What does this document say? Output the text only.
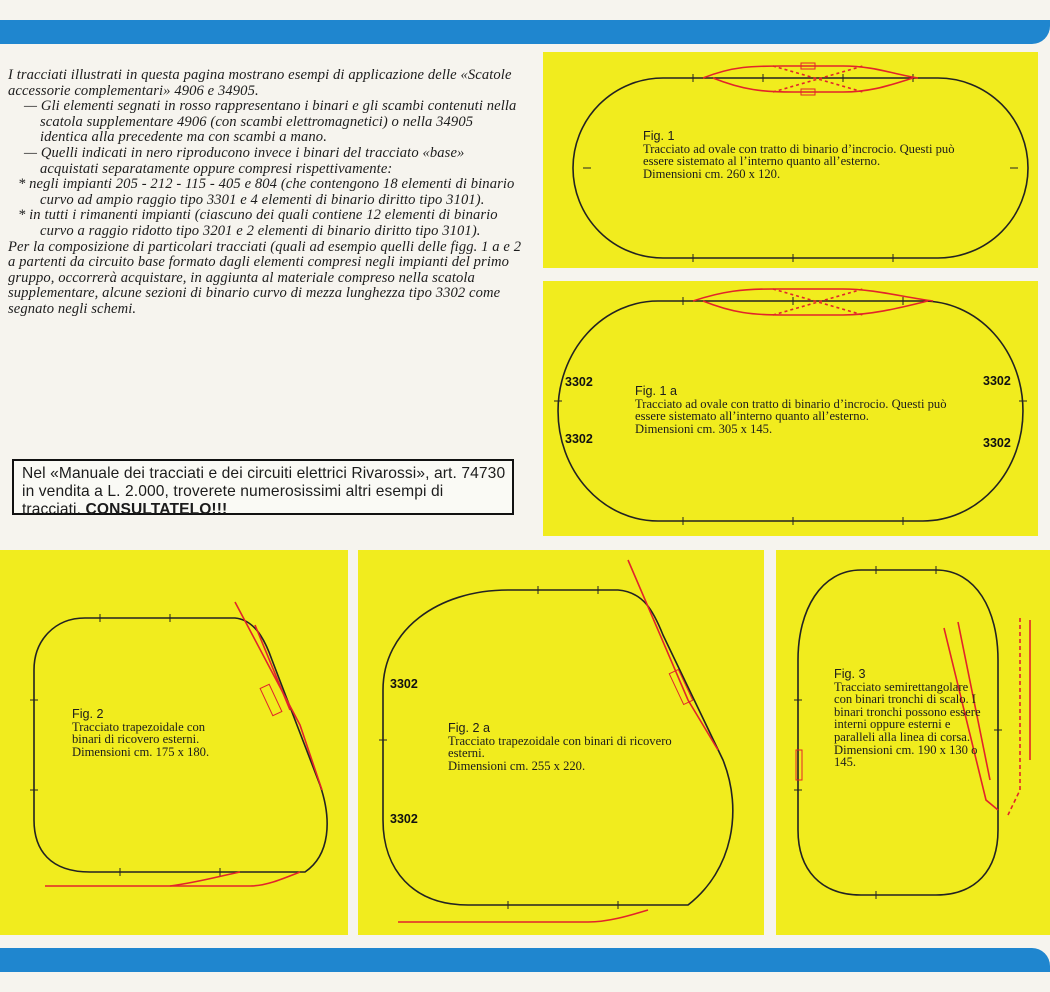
I tracciati illustrati in questa pagina mostrano esempi di applicazione delle «Scatole accessorie complementari» 4906 e 34905.

— Gli elementi segnati in rosso rappresentano i binari e gli scambi contenuti nella scatola supplementare 4906 (con scambi elettromagnetici) o nella 34905 identica alla precedente ma con scambi a mano.

— Quelli indicati in nero riproducono invece i binari del tracciato «base» acquistati separatamente oppure compresi rispettivamente:

* negli impianti 205 - 212 - 115 - 405 e 804 (che contengono 18 elementi di binario curvo ad ampio raggio tipo 3301 e 4 elementi di binario diritto tipo 3101).

* in tutti i rimanenti impianti (ciascuno dei quali contiene 12 elementi di binario curvo a raggio ridotto tipo 3201 e 2 elementi di binario diritto tipo 3101).

Per la composizione di particolari tracciati (quali ad esempio quelli delle figg. 1 a e 2 a partenti da circuito base formato dagli elementi compresi negli impianti del primo gruppo, occorrerà acquistare, in aggiunta al materiale compreso nella scatola supplementare, alcune sezioni di binario curvo di mezza lunghezza tipo 3302 come segnato negli schemi.

Nel «Manuale dei tracciati e dei circuiti elettrici Rivarossi», art. 74730 in vendita a L. 2.000, troverete numerosissimi altri esempi di tracciati. CONSULTATELO!!!
Fig. 1
Tracciato ad ovale con tratto di binario d’incrocio. Questi può essere sistemato al l’interno quanto all’esterno.
Dimensioni cm. 260 x 120.
3302
3302
3302
3302
Fig. 1 a
Tracciato ad ovale con tratto di binario d’incrocio. Questi può essere sistemato all’interno quanto all’esterno.
Dimensioni cm. 305 x 145.
Fig. 2
Tracciato trapezoidale con binari di ricovero esterni.
Dimensioni cm. 175 x 180.
3302
3302
Fig. 2 a
Tracciato trapezoidale con binari di ricovero esterni.
Dimensioni cm. 255 x 220.
Fig. 3
Tracciato semirettangolare con binari tronchi di scalo. I binari tronchi possono essere interni oppure esterni e paralleli alla linea di corsa.
Dimensioni cm. 190 x 130 o 145.
